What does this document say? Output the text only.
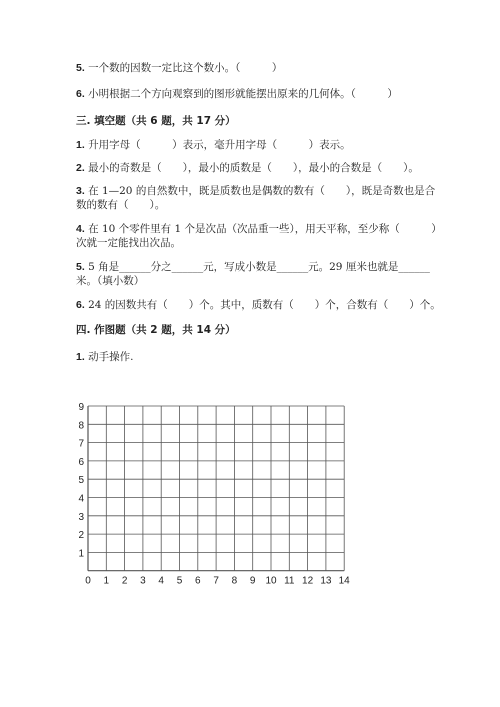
5. 一个数的因数一定比这个数小。（　　　）
6. 小明根据二个方向观察到的图形就能摆出原来的几何体。（　　　）
三. 填空题（共 6 题，共 17 分）
1. 升用字母（　　　）表示，毫升用字母（　　　）表示。
2. 最小的奇数是（　　），最小的质数是（　　），最小的合数是（　　）。
3. 在 1—20 的自然数中，既是质数也是偶数的数有（　　），既是奇数也是合
数的数有（　　）。
4. 在 10 个零件里有 1 个是次品（次品重一些），用天平称，至少称（　　　）
次就一定能找出次品。
5. 5 角是______分之______元，写成小数是______元。29 厘米也就是______
米。（填小数）
6. 24 的因数共有（　　）个。其中，质数有（　　）个，合数有（　　）个。
四. 作图题（共 2 题，共 14 分）
1. 动手操作.
0 1 2 3 4 5 6 7 8 9 10 11 12 13 14
1
2
3
4
5
6
7
8
9
